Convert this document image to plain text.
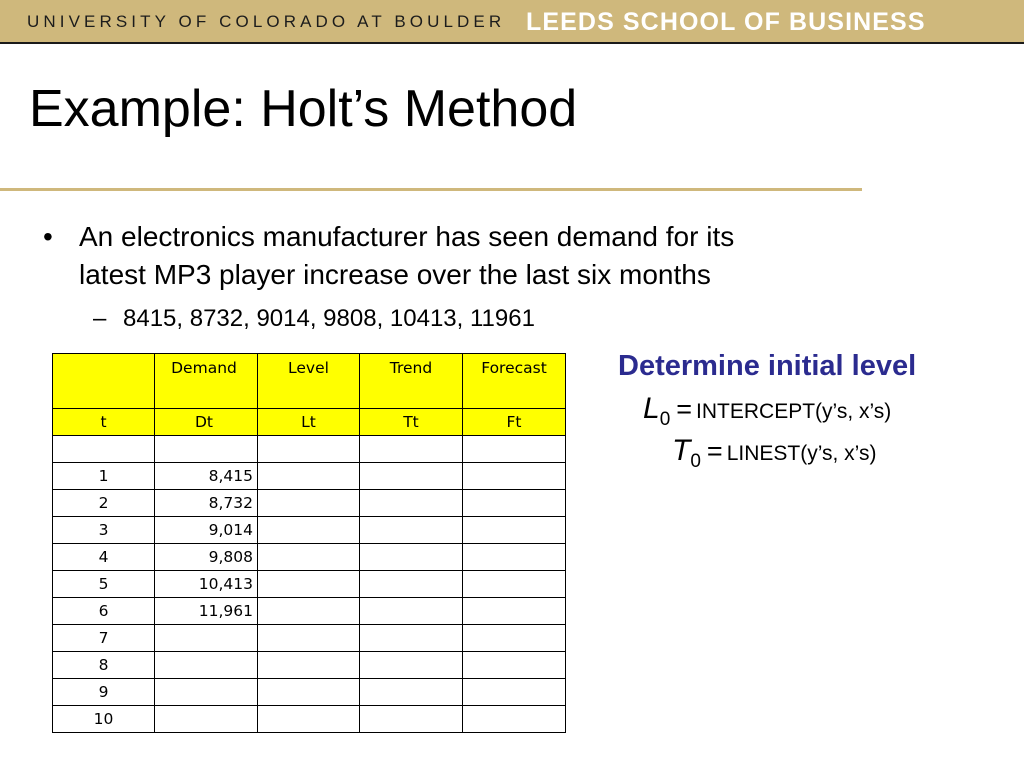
UNIVERSITY OF COLORADO AT BOULDER LEEDS SCHOOL OF BUSINESS
Example: Holt’s Method
• An electronics manufacturer has seen demand for its
latest MP3 player increase over the last six months
– 8415, 8732, 9014, 9808, 10413, 11961
	Demand	Level	Trend	Forecast
t	Dt	Lt	Tt	Ft

1	8,415			
2	8,732			
3	9,014			
4	9,808			
5	10,413			
6	11,961			
7				
8				
9				
10				
Determine initial level
L0 = INTERCEPT(y’s, x’s)
T0 = LINEST(y’s, x’s)
